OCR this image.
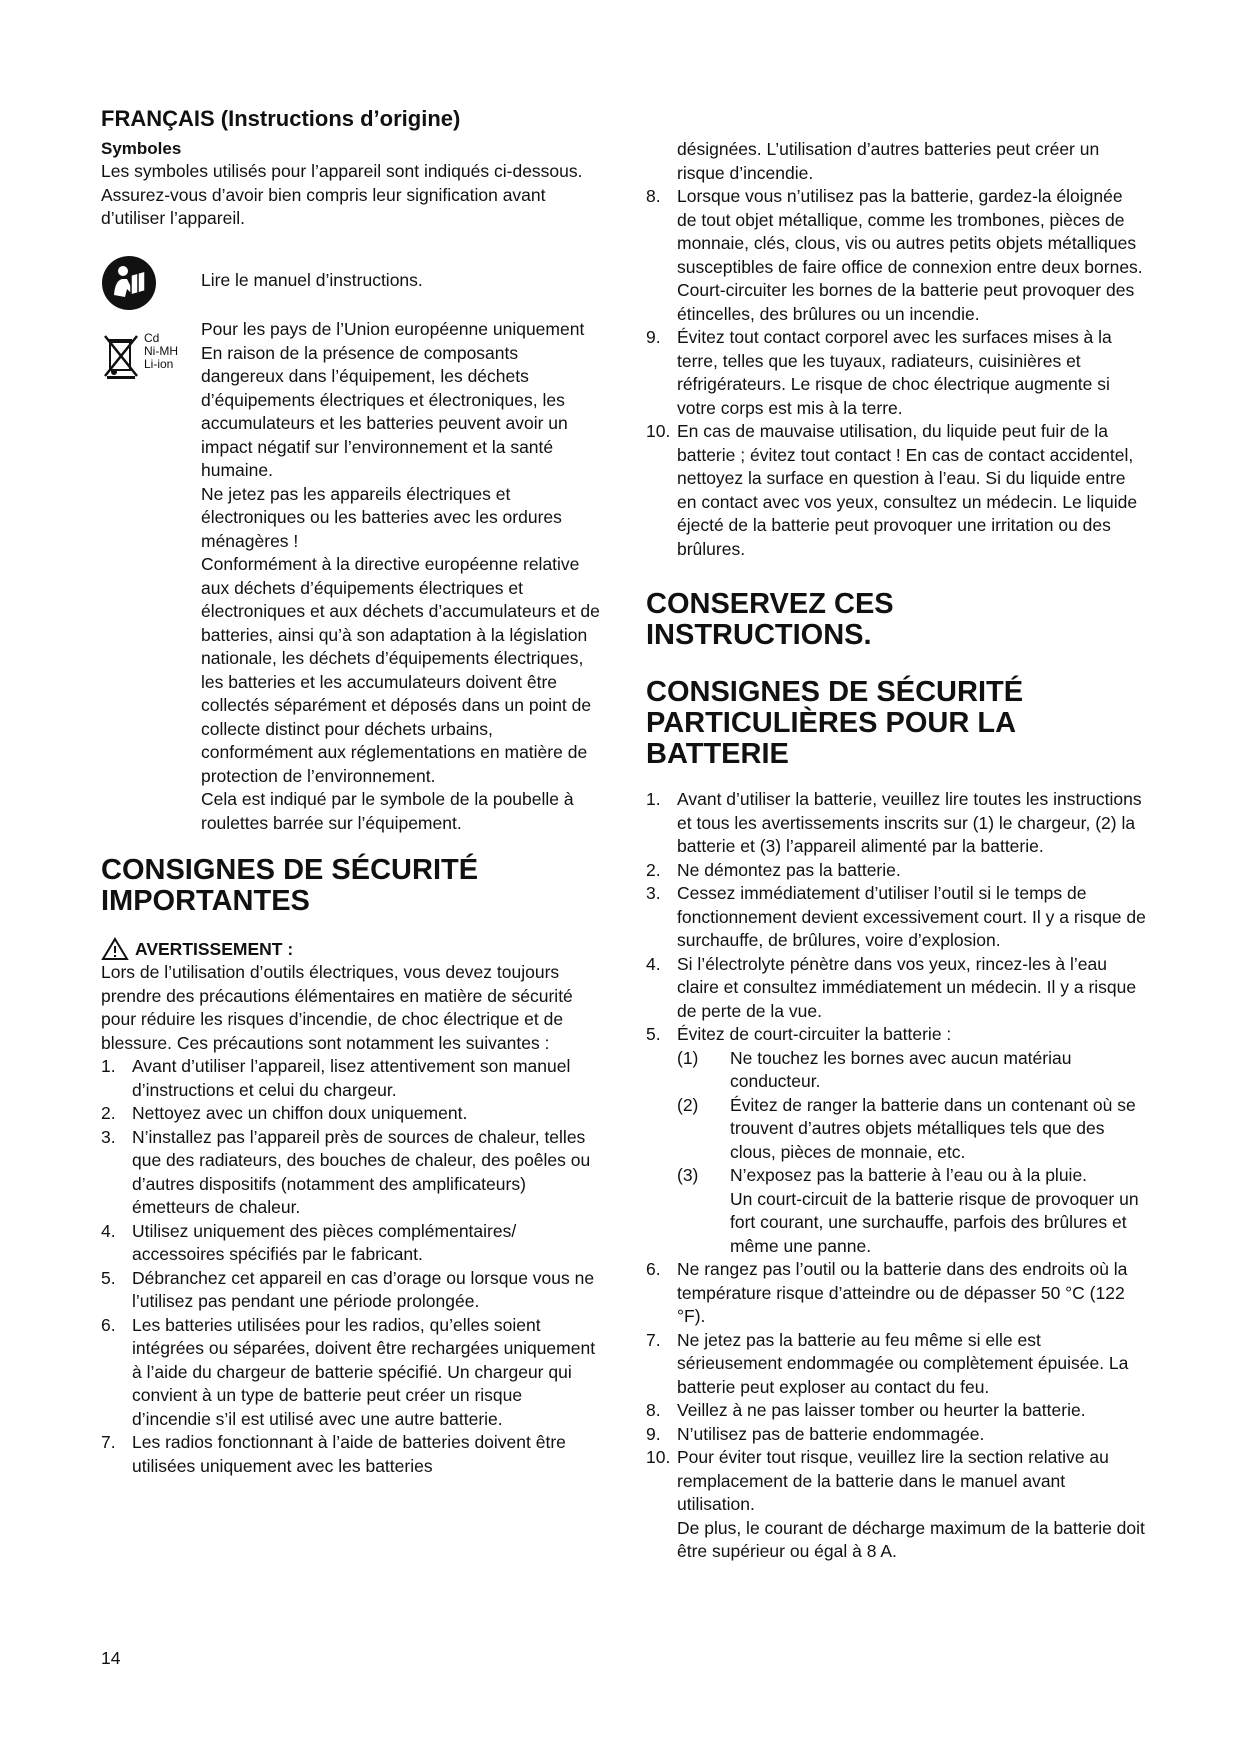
FRANÇAIS (Instructions d’origine)
Symboles

Les symboles utilisés pour l’appareil sont indiqués ci-dessous. Assurez-vous d’avoir bien compris leur signification avant d’utiliser l’appareil.

Lire le manuel d’instructions.

Cd
Ni-MH
Li-ion

Pour les pays de l’Union européenne uniquement

En raison de la présence de composants dangereux dans l’équipement, les déchets d’équipements électriques et électroniques, les accumulateurs et les batteries peuvent avoir un impact négatif sur l’environnement et la santé humaine.

Ne jetez pas les appareils électriques et électroniques ou les batteries avec les ordures ménagères !

Conformément à la directive européenne relative aux déchets d’équipements électriques et électroniques et aux déchets d’accumulateurs et de batteries, ainsi qu’à son adaptation à la législation nationale, les déchets d’équipements électriques, les batteries et les accumulateurs doivent être collectés séparément et déposés dans un point de collecte distinct pour déchets urbains, conformément aux réglementations en matière de protection de l’environnement.

Cela est indiqué par le symbole de la poubelle à roulettes barrée sur l’équipement.

CONSIGNES DE SÉCURITÉ
IMPORTANTES
AVERTISSEMENT :

Lors de l’utilisation d’outils électriques, vous devez toujours prendre des précautions élémentaires en matière de sécurité pour réduire les risques d’incendie, de choc électrique et de blessure. Ces précautions sont notamment les suivantes :

1. Avant d’utiliser l’appareil, lisez attentivement son manuel d’instructions et celui du chargeur.
2. Nettoyez avec un chiffon doux uniquement.
3. N’installez pas l’appareil près de sources de chaleur, telles que des radiateurs, des bouches de chaleur, des poêles ou d’autres dispositifs (notamment des amplificateurs) émetteurs de chaleur.
4. Utilisez uniquement des pièces complémentaires/ accessoires spécifiés par le fabricant.
5. Débranchez cet appareil en cas d’orage ou lorsque vous ne l’utilisez pas pendant une période prolongée.
6. Les batteries utilisées pour les radios, qu’elles soient intégrées ou séparées, doivent être rechargées uniquement à l’aide du chargeur de batterie spécifié. Un chargeur qui convient à un type de batterie peut créer un risque d’incendie s’il est utilisé avec une autre batterie.
7. Les radios fonctionnant à l’aide de batteries doivent être utilisées uniquement avec les batteries
désignées. L’utilisation d’autres batteries peut créer un risque d’incendie.
8. Lorsque vous n’utilisez pas la batterie, gardez-la éloignée de tout objet métallique, comme les trombones, pièces de monnaie, clés, clous, vis ou autres petits objets métalliques susceptibles de faire office de connexion entre deux bornes. Court-circuiter les bornes de la batterie peut provoquer des étincelles, des brûlures ou un incendie.
9. Évitez tout contact corporel avec les surfaces mises à la terre, telles que les tuyaux, radiateurs, cuisinières et réfrigérateurs. Le risque de choc électrique augmente si votre corps est mis à la terre.
10. En cas de mauvaise utilisation, du liquide peut fuir de la batterie ; évitez tout contact ! En cas de contact accidentel, nettoyez la surface en question à l’eau. Si du liquide entre en contact avec vos yeux, consultez un médecin. Le liquide éjecté de la batterie peut provoquer une irritation ou des brûlures.
CONSERVEZ CES
INSTRUCTIONS.
CONSIGNES DE SÉCURITÉ
PARTICULIÈRES POUR LA
BATTERIE
1. Avant d’utiliser la batterie, veuillez lire toutes les instructions et tous les avertissements inscrits sur (1) le chargeur, (2) la batterie et (3) l’appareil alimenté par la batterie.
2. Ne démontez pas la batterie.
3. Cessez immédiatement d’utiliser l’outil si le temps de fonctionnement devient excessivement court. Il y a risque de surchauffe, de brûlures, voire d’explosion.
4. Si l’électrolyte pénètre dans vos yeux, rincez-les à l’eau claire et consultez immédiatement un médecin. Il y a risque de perte de la vue.
5. Évitez de court-circuiter la batterie :
(1) Ne touchez les bornes avec aucun matériau conducteur.
(2) Évitez de ranger la batterie dans un contenant où se trouvent d’autres objets métalliques tels que des clous, pièces de monnaie, etc.
(3) N’exposez pas la batterie à l’eau ou à la pluie.

Un court-circuit de la batterie risque de provoquer un fort courant, une surchauffe, parfois des brûlures et même une panne.

6. Ne rangez pas l’outil ou la batterie dans des endroits où la température risque d’atteindre ou de dépasser 50 °C (122 °F).
7. Ne jetez pas la batterie au feu même si elle est sérieusement endommagée ou complètement épuisée. La batterie peut exploser au contact du feu.
8. Veillez à ne pas laisser tomber ou heurter la batterie.
9. N’utilisez pas de batterie endommagée.
10. Pour éviter tout risque, veuillez lire la section relative au remplacement de la batterie dans le manuel avant utilisation.

De plus, le courant de décharge maximum de la batterie doit être supérieur ou égal à 8 A.

14
